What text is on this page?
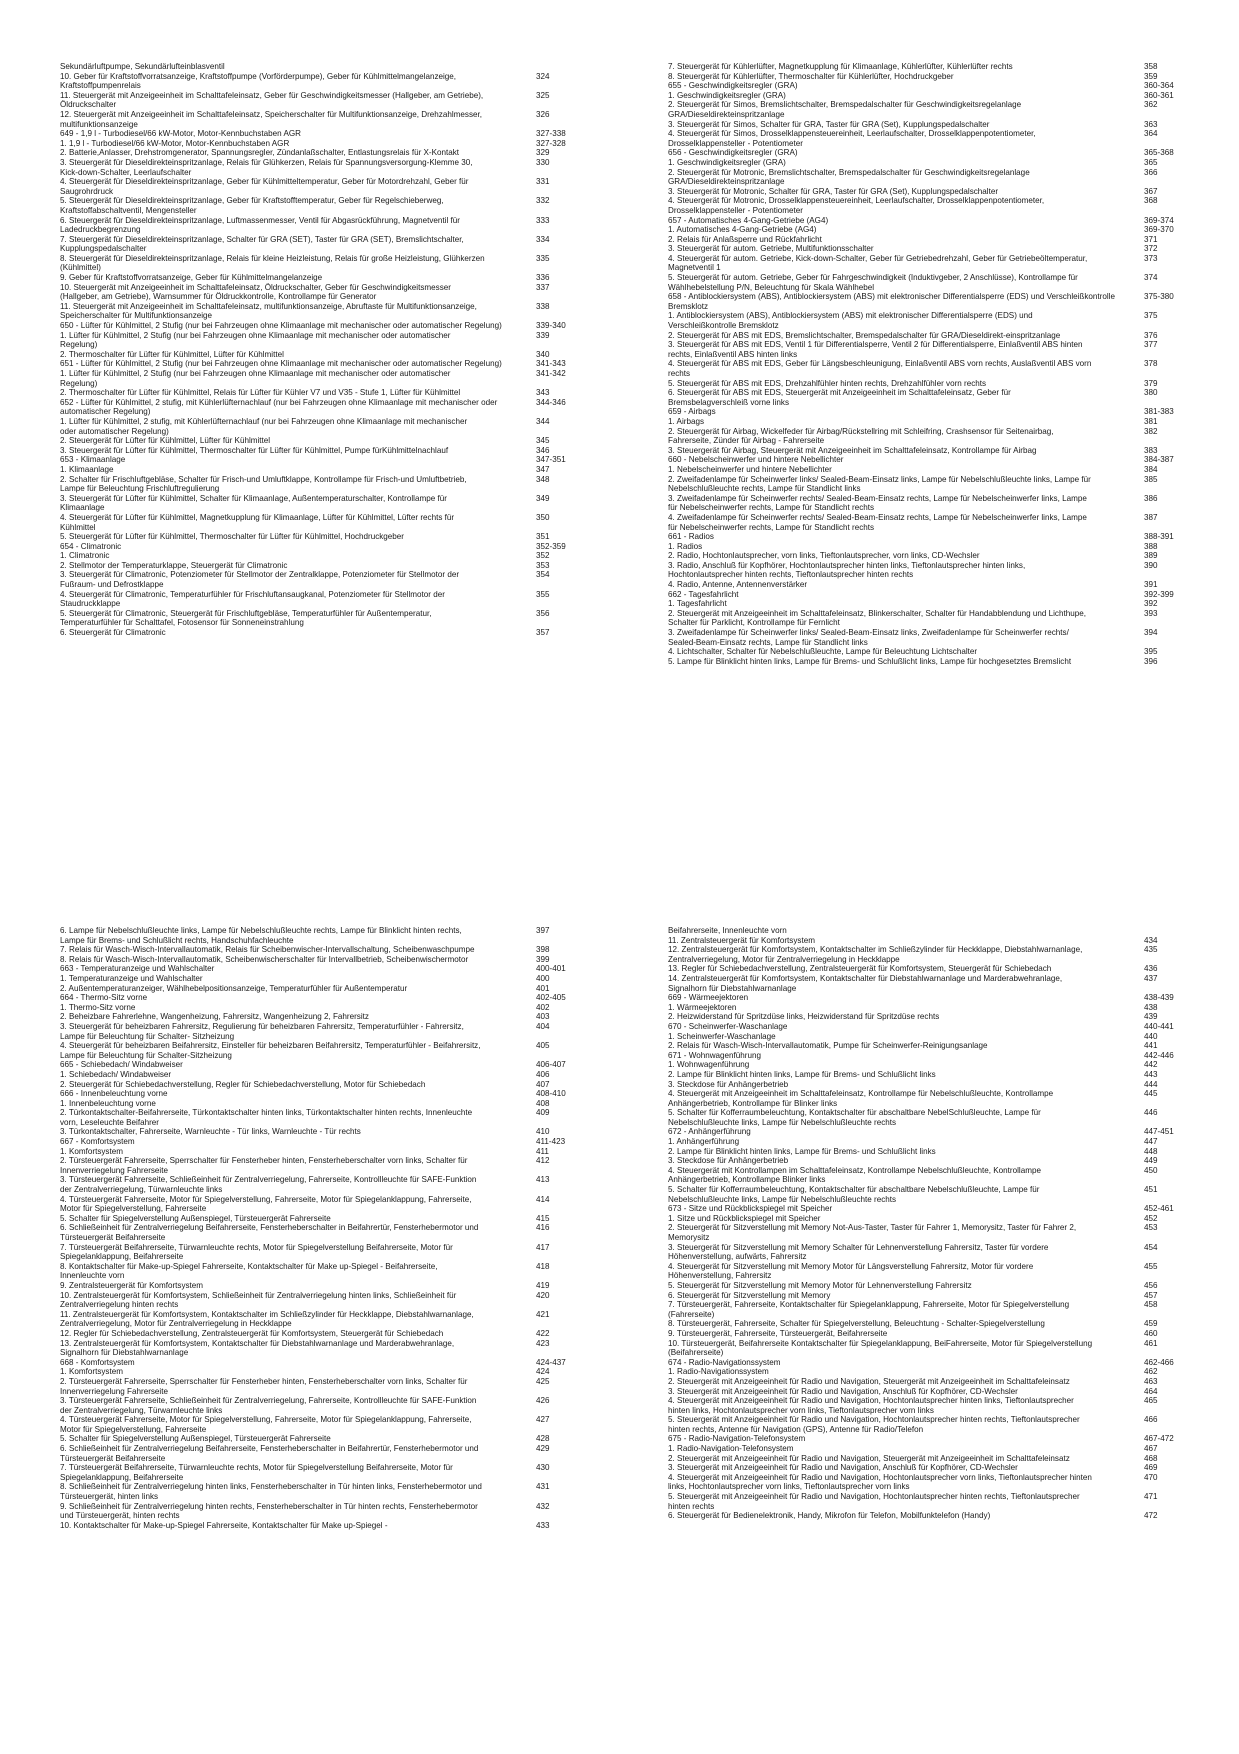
Sekundärluftpumpe, Sekundärlufteinblasventil
10. Geber für Kraftstoffvorratsanzeige, Kraftstoffpumpe (Vorförderpumpe), Geber für Kühlmittelmangelanzeige, Kraftstoffpumpenrelais
324
11. Steuergerät mit Anzeigeeinheit im Schalttafeleinsatz, Geber für Geschwindigkeitsmesser (Hallgeber, am Getriebe), Öldruckschalter
325
12. Steuergerät mit Anzeigeeinheit im Schalttafeleinsatz, Speicherschalter für Multifunktionsanzeige, Drehzahlmesser, multifunktionsanzeige
326
649 - 1,9 l - Turbodiesel/66 kW-Motor, Motor-Kennbuchstaben AGR	327-338
1. 1,9 l - Turbodiesel/66 kW-Motor, Motor-Kennbuchstaben AGR	327-328
2. Batterie,Anlasser, Drehstromgenerator, Spannungsregler, Zündanlaßschalter, Entlastungsrelais für X-Kontakt	329
3. Steuergerät für Dieseldirekteinspritzanlage, Relais für Glühkerzen, Relais für Spannungsversorgung-Klemme 30, Kick-down-Schalter, Leerlaufschalter
330
4. Steuergerät für Dieseldirekteinspritzanlage, Geber für Kühlmitteltemperatur, Geber für Motordrehzahl, Geber für Saugrohrdruck
331
5. Steuergerät für Dieseldirekteinspritzanlage, Geber für Kraftstofftemperatur, Geber für Regelschieberweg, Kraftstoffabschaltventil, Mengensteller
332
6. Steuergerät für Dieseldirekteinspritzanlage, Luftmassenmesser, Ventil für Abgasrückführung, Magnetventil für Ladedruckbegrenzung
333
7. Steuergerät für Dieseldirekteinspritzanlage, Schalter für GRA (SET), Taster für GRA (SET), Bremslichtschalter, Kupplungspedalschalter
334
8. Steuergerät für Dieseldirekteinspritzanlage, Relais für kleine Heizleistung, Relais für große Heizleistung, Glühkerzen (Kühlmittel)
335
9. Geber für Kraftstoffvorratsanzeige, Geber für Kühlmittelmangelanzeige	336
10. Steuergerät mit Anzeigeeinheit im Schalttafeleinsatz, Öldruckschalter, Geber für Geschwindigkeitsmesser (Hallgeber, am Getriebe), Warnsummer für Öldruckkontrolle, Kontrollampe für Generator
337
11. Steuergerät mit Anzeigeeinheit im Schalttafeleinsatz, multifunktionsanzeige, Abruftaste für Multifunktionsanzeige, Speicherschalter für Multifunktionsanzeige
338
650 - Lüfter für Kühlmittel, 2 Stufig (nur bei Fahrzeugen ohne Klimaanlage mit mechanischer oder automatischer Regelung)	339-340
1. Lüfter für Kühlmittel, 2 Stufig (nur bei Fahrzeugen ohne Klimaanlage mit mechanischer oder automatischer Regelung)
339
2. Thermoschalter für Lüfter für Kühlmittel, Lüfter für Kühlmittel	340
651 - Lüfter für Kühlmittel, 2 Stufig (nur bei Fahrzeugen ohne Klimaanlage mit mechanischer oder automatischer Regelung)	341-343
1. Lüfter für Kühlmittel, 2 Stufig (nur bei Fahrzeugen ohne Klimaanlage mit mechanischer oder automatischer Regelung)
341-342
2. Thermoschalter für Lüfter für Kühlmittel, Relais für Lüfter für Kühler V7 und V35 - Stufe 1, Lüfter für Kühlmittel	343
652 - Lüfter für Kühlmittel, 2 stufig, mit Kühlerlüfternachlauf (nur bei Fahrzeugen ohne Klimaanlage mit mechanischer oder automatischer Regelung)
344-346
1. Lüfter für Kühlmittel, 2 stufig, mit Kühlerlüfternachlauf (nur bei Fahrzeugen ohne Klimaanlage mit mechanischer oder automatischer Regelung)
344
2. Steuergerät für Lüfter für Kühlmittel, Lüfter für Kühlmittel	345
3. Steuergerät für Lüfter für Kühlmittel, Thermoschalter für Lüfter für Kühlmittel, Pumpe fürKühlmittelnachlauf	346
653 - Klimaanlage	347-351
1. Klimaanlage	347
2. Schalter für Frischluftgebläse, Schalter für Frisch-und Umluftklappe, Kontrollampe für Frisch-und Umluftbetrieb, Lampe für Beleuchtung Frischluftregulierung
348
3. Steuergerät für Lüfter für Kühlmittel, Schalter für Klimaanlage, Außentemperaturschalter, Kontrollampe für Klimaanlage
349
4. Steuergerät für Lüfter für Kühlmittel, Magnetkupplung für Klimaanlage, Lüfter für Kühlmittel, Lüfter rechts für Kühlmittel
350
5. Steuergerät für Lüfter für Kühlmittel, Thermoschalter für Lüfter für Kühlmittel, Hochdruckgeber	351
654 - Climatronic	352-359
1. Climatronic	352
2. Stellmotor der Temperaturklappe, Steuergerät für Climatronic	353
3. Steuergerät für Climatronic, Potenziometer für Stellmotor der Zentralklappe, Potenziometer für Stellmotor der Fußraum- und Defrostklappe
354
4. Steuergerät für Climatronic, Temperaturfühler für Frischluftansaugkanal, Potenziometer für Stellmotor der Staudruckklappe
355
5. Steuergerät für Climatronic, Steuergerät für Frischluftgebläse, Temperaturfühler für Außentemperatur, Temperaturfühler für Schalttafel, Fotosensor für Sonneneinstrahlung
356
6. Steuergerät für Climatronic	357
7. Steuergerät für Kühlerlüfter, Magnetkupplung für Klimaanlage, Kühlerlüfter, Kühlerlüfter rechts	358
8. Steuergerät für Kühlerlüfter, Thermoschalter für Kühlerlüfter, Hochdruckgeber	359
655 - Geschwindigkeitsregler (GRA)	360-364
1. Geschwindigkeitsregler (GRA)	360-361
2. Steuergerät für Simos, Bremslichtschalter, Bremspedalschalter für Geschwindigkeitsregelanlage GRA/Dieseldirekteinspritzanlage
362
3. Steuergerät für Simos, Schalter für GRA, Taster für GRA (Set), Kupplungspedalschalter	363
4. Steuergerät für Simos, Drosselklappensteuereinheit, Leerlaufschalter, Drosselklappenpotentiometer, Drosselklappensteller - Potentiometer
364
656 - Geschwindigkeitsregler (GRA)	365-368
1. Geschwindigkeitsregler (GRA)	365
2. Steuergerät für Motronic, Bremslichtschalter, Bremspedalschalter für Geschwindigkeitsregelanlage GRA/Dieseldirekteinspritzanlage
366
3. Steuergerät für Motronic, Schalter für GRA, Taster für GRA (Set), Kupplungspedalschalter	367
4. Steuergerät für Motronic, Drosselklappensteuereinheit, Leerlaufschalter, Drosselklappenpotentiometer, Drosselklappensteller - Potentiometer
368
657 - Automatisches 4-Gang-Getriebe (AG4)	369-374
1. Automatisches 4-Gang-Getriebe (AG4)	369-370
2. Relais für Anlaßsperre und Rückfahrlicht	371
3. Steuergerät für autom. Getriebe, Multifunktionsschalter	372
4. Steuergerät für autom. Getriebe, Kick-down-Schalter, Geber für Getriebedrehzahl, Geber für Getriebeöltemperatur, Magnetventil 1
373
5. Steuergerät für autom. Getriebe, Geber für Fahrgeschwindigkeit (Induktivgeber, 2 Anschlüsse), Kontrollampe für Wählhebelstellung P/N, Beleuchtung für Skala Wählhebel
374
658 - Antiblockiersystem (ABS), Antiblockiersystem (ABS) mit elektronischer Differentialsperre (EDS) und Verschleißkontrolle Bremsklotz
375-380
1. Antiblockiersystem (ABS), Antiblockiersystem (ABS) mit elektronischer Differentialsperre (EDS) und Verschleißkontrolle Bremsklotz
375
2. Steuergerät für ABS mit EDS, Bremslichtschalter, Bremspedalschalter für GRA/Dieseldirekt-einspritzanlage	376
3. Steuergerät für ABS mit EDS, Ventil 1 für Differentialsperre, Ventil 2 für Differentialsperre, Einlaßventil ABS hinten rechts, Einlaßventil ABS hinten links
377
4. Steuergerät für ABS mit EDS, Geber für Längsbeschleunigung, Einlaßventil ABS vorn rechts, Auslaßventil ABS vorn rechts
378
5. Steuergerät für ABS mit EDS, Drehzahlfühler hinten rechts, Drehzahlfühler vorn rechts	379
6. Steuergerät für ABS mit EDS, Steuergerät mit Anzeigeeinheit im Schalttafeleinsatz, Geber für Bremsbelagverschleiß vorne links
380
659 - Airbags	381-383
1. Airbags	381
2. Steuergerät für Airbag, Wickelfeder für Airbag/Rückstellring mit Schleifring, Crashsensor für Seitenairbag, Fahrerseite, Zünder für Airbag - Fahrerseite
382
3. Steuergerät für Airbag, Steuergerät mit Anzeigeeinheit im Schalttafeleinsatz, Kontrollampe für Airbag	383
660 - Nebelscheinwerfer und hintere Nebellichter	384-387
1. Nebelscheinwerfer und hintere Nebellichter	384
2. Zweifadenlampe für Scheinwerfer links/ Sealed-Beam-Einsatz links, Lampe für Nebelschlußleuchte links, Lampe für Nebelschlußleuchte rechts, Lampe für Standlicht links
385
3. Zweifadenlampe für Scheinwerfer rechts/ Sealed-Beam-Einsatz rechts, Lampe für Nebelscheinwerfer links, Lampe für Nebelscheinwerfer rechts, Lampe für Standlicht rechts
386
4. Zweifadenlampe für Scheinwerfer rechts/ Sealed-Beam-Einsatz rechts, Lampe für Nebelscheinwerfer links, Lampe für Nebelscheinwerfer rechts, Lampe für Standlicht rechts
387
661 - Radios	388-391
1. Radios	388
2. Radio, Hochtonlautsprecher, vorn links, Tieftonlautsprecher, vorn links, CD-Wechsler	389
3. Radio, Anschluß für Kopfhörer, Hochtonlautsprecher hinten links, Tieftonlautsprecher hinten links, Hochtonlautsprecher hinten rechts, Tieftonlautsprecher hinten rechts
390
4. Radio, Antenne, Antennenverstärker	391
662 - Tagesfahrlicht	392-399
1. Tagesfahrlicht	392
2. Steuergerät mit Anzeigeeinheit im Schalttafeleinsatz, Blinkerschalter, Schalter für Handabblendung und Lichthupe, Schalter für Parklicht, Kontrollampe für Fernlicht
393
3. Zweifadenlampe für Scheinwerfer links/ Sealed-Beam-Einsatz links, Zweifadenlampe für Scheinwerfer rechts/ Sealed-Beam-Einsatz rechts, Lampe für Standlicht links
394
4. Lichtschalter, Schalter für Nebelschlußleuchte, Lampe für Beleuchtung Lichtschalter	395
5. Lampe für Blinklicht hinten links, Lampe für Brems- und Schlußlicht links, Lampe für hochgesetztes Bremslicht	396
6. Lampe für Nebelschlußleuchte links, Lampe für Nebelschlußleuchte rechts, Lampe für Blinklicht hinten rechts, Lampe für Brems- und Schlußlicht rechts, Handschuhfachleuchte
397
7. Relais für Wasch-Wisch-Intervallautomatik, Relais für Scheibenwischer-Intervallschaltung, Scheibenwaschpumpe	398
8. Relais für Wasch-Wisch-Intervallautomatik, Scheibenwischerschalter für Intervallbetrieb, Scheibenwischermotor	399
663 - Temperaturanzeige und Wahlschalter	400-401
1. Temperaturanzeige und Wahlschalter	400
2. Außentemperaturanzeiger, Wählhebelpositionsanzeige, Temperaturfühler für Außentemperatur	401
664 - Thermo-Sitz vorne	402-405
1. Thermo-Sitz vorne	402
2. Beheizbare Fahrerlehne, Wangenheizung, Fahrersitz, Wangenheizung 2, Fahrersitz	403
3. Steuergerät für beheizbaren Fahrersitz, Regulierung für beheizbaren Fahrersitz, Temperaturfühler - Fahrersitz, Lampe für Beleuchtung für Schalter- Sitzheizung
404
4. Steuergerät für beheizbaren Beifahrersitz, Einsteller für beheizbaren Beifahrersitz, Temperaturfühler - Beifahrersitz, Lampe für Beleuchtung für Schalter-Sitzheizung
405
665 - Schiebedach/ Windabweiser	406-407
1. Schiebedach/ Windabweiser	406
2. Steuergerät für Schiebedachverstellung, Regler für Schiebedachverstellung, Motor für Schiebedach	407
666 - Innenbeleuchtung vorne	408-410
1. Innenbeleuchtung vorne	408
2. Türkontaktschalter-Beifahrerseite, Türkontaktschalter hinten links, Türkontaktschalter hinten rechts, Innenleuchte vorn, Leseleuchte Beifahrer
409
3. Türkontaktschalter, Fahrerseite, Warnleuchte - Tür links, Warnleuchte - Tür rechts	410
667 - Komfortsystem	411-423
1. Komfortsystem	411
2. Türsteuergerät Fahrerseite, Sperrschalter für Fensterheber hinten, Fensterheberschalter vorn links, Schalter für Innenverriegelung Fahrerseite
412
3. Türsteuergerät Fahrerseite, Schließeinheit für Zentralverriegelung, Fahrerseite, Kontrollleuchte für SAFE-Funktion der Zentralverriegelung, Türwarnleuchte links
413
4. Türsteuergerät Fahrerseite, Motor für Spiegelverstellung, Fahrerseite, Motor für Spiegelanklappung, Fahrerseite, Motor für Spiegelverstellung, Fahrerseite
414
5. Schalter für Spiegelverstellung Außenspiegel, Türsteuergerät Fahrerseite	415
6. Schließeinheit für Zentralverriegelung Beifahrerseite, Fensterheberschalter in Beifahrertür, Fensterhebermotor und Türsteuergerät Beifahrerseite
416
7. Türsteuergerät Beifahrerseite, Türwarnleuchte rechts, Motor für Spiegelverstellung Beifahrerseite, Motor für Spiegelanklappung, Beifahrerseite
417
8. Kontaktschalter für Make-up-Spiegel Fahrerseite, Kontaktschalter für Make up-Spiegel - Beifahrerseite, Innenleuchte vorn
418
9. Zentralsteuergerät für Komfortsystem	419
10. Zentralsteuergerät für Komfortsystem, Schließeinheit für Zentralverriegelung hinten links, Schließeinheit für Zentralverriegelung hinten rechts
420
11. Zentralsteuergerät für Komfortsystem, Kontaktschalter im Schließzylinder für Heckklappe, Diebstahlwarnanlage, Zentralverriegelung, Motor für Zentralverriegelung in Heckklappe
421
12. Regler für Schiebedachverstellung, Zentralsteuergerät für Komfortsystem, Steuergerät für Schiebedach	422
13. Zentralsteuergerät für Komfortsystem, Kontaktschalter für Diebstahlwarnanlage und Marderabwehranlage, Signalhorn für Diebstahlwarnanlage
423
668 - Komfortsystem	424-437
1. Komfortsystem	424
2. Türsteuergerät Fahrerseite, Sperrschalter für Fensterheber hinten, Fensterheberschalter vorn links, Schalter für Innenverriegelung Fahrerseite
425
3. Türsteuergerät Fahrerseite, Schließeinheit für Zentralverriegelung, Fahrerseite, Kontrollleuchte für SAFE-Funktion der Zentralverriegelung, Türwarnleuchte links
426
4. Türsteuergerät Fahrerseite, Motor für Spiegelverstellung, Fahrerseite, Motor für Spiegelanklappung, Fahrerseite, Motor für Spiegelverstellung, Fahrerseite
427
5. Schalter für Spiegelverstellung Außenspiegel, Türsteuergerät Fahrerseite	428
6. Schließeinheit für Zentralverriegelung Beifahrerseite, Fensterheberschalter in Beifahrertür, Fensterhebermotor und Türsteuergerät Beifahrerseite
429
7. Türsteuergerät Beifahrerseite, Türwarnleuchte rechts, Motor für Spiegelverstellung Beifahrerseite, Motor für Spiegelanklappung, Beifahrerseite
430
8. Schließeinheit für Zentralverriegelung hinten links, Fensterheberschalter in Tür hinten links, Fensterhebermotor und Türsteuergerät, hinten links
431
9. Schließeinheit für Zentralverriegelung hinten rechts, Fensterheberschalter in Tür hinten rechts, Fensterhebermotor und Türsteuergerät, hinten rechts
432
10. Kontaktschalter für Make-up-Spiegel Fahrerseite, Kontaktschalter für Make up-Spiegel -	433
Beifahrerseite, Innenleuchte vorn
11. Zentralsteuergerät für Komfortsystem	434
12. Zentralsteuergerät für Komfortsystem, Kontaktschalter im Schließzylinder für Heckklappe, Diebstahlwarnanlage, Zentralverriegelung, Motor für Zentralverriegelung in Heckklappe
435
13. Regler für Schiebedachverstellung, Zentralsteuergerät für Komfortsystem, Steuergerät für Schiebedach	436
14. Zentralsteuergerät für Komfortsystem, Kontaktschalter für Diebstahlwarnanlage und Marderabwehranlage, Signalhorn für Diebstahlwarnanlage
437
669 - Wärmeejektoren	438-439
1. Wärmeejektoren	438
2. Heizwiderstand für Spritzdüse links, Heizwiderstand für Spritzdüse rechts	439
670 - Scheinwerfer-Waschanlage	440-441
1. Scheinwerfer-Waschanlage	440
2. Relais für Wasch-Wisch-Intervallautomatik, Pumpe für Scheinwerfer-Reinigungsanlage	441
671 - Wohnwagenführung	442-446
1. Wohnwagenführung	442
2. Lampe für Blinklicht hinten links, Lampe für Brems- und Schlußlicht links	443
3. Steckdose für Anhängerbetrieb	444
4. Steuergerät mit Anzeigeeinheit im Schalttafeleinsatz, Kontrollampe für Nebelschlußleuchte, Kontrollampe Anhängerbetrieb, Kontrollampe für Blinker links
445
5. Schalter für Kofferraumbeleuchtung, Kontaktschalter für abschaltbare NebelSchlußleuchte, Lampe für Nebelschlußleuchte links, Lampe für Nebelschlußleuchte rechts
446
672 - Anhängerführung	447-451
1. Anhängerführung	447
2. Lampe für Blinklicht hinten links, Lampe für Brems- und Schlußlicht links	448
3. Steckdose für Anhängerbetrieb	449
4. Steuergerät mit Kontrollampen im Schalttafeleinsatz, Kontrollampe Nebelschlußleuchte, Kontrollampe Anhängerbetrieb, Kontrollampe Blinker links
450
5. Schalter für Kofferraumbeleuchtung, Kontaktschalter für abschaltbare Nebelschlußleuchte, Lampe für Nebelschlußleuchte links, Lampe für Nebelschlußleuchte rechts
451
673 - Sitze und Rückblickspiegel mit Speicher	452-461
1. Sitze und Rückblickspiegel mit Speicher	452
2. Steuergerät für Sitzverstellung mit Memory Not-Aus-Taster, Taster für Fahrer 1, Memorysitz, Taster für Fahrer 2, Memorysitz
453
3. Steuergerät für Sitzverstellung mit Memory Schalter für Lehnenverstellung Fahrersitz, Taster für vordere Höhenverstellung, aufwärts, Fahrersitz
454
4. Steuergerät für Sitzverstellung mit Memory Motor für Längsverstellung Fahrersitz, Motor für vordere Höhenverstellung, Fahrersitz
455
5. Steuergerät für Sitzverstellung mit Memory Motor für Lehnenverstellung Fahrersitz	456
6. Steuergerät für Sitzverstellung mit Memory	457
7. Türsteuergerät, Fahrerseite, Kontaktschalter für Spiegelanklappung, Fahrerseite, Motor für Spiegelverstellung (Fahrerseite)
458
8. Türsteuergerät, Fahrerseite, Schalter für Spiegelverstellung, Beleuchtung - Schalter-Spiegelverstellung	459
9. Türsteuergerät, Fahrerseite, Türsteuergerät, Beifahrerseite	460
10. Türsteuergerät, Beifahrerseite Kontaktschalter für Spiegelanklappung, BeiFahrerseite, Motor für Spiegelverstellung (Beifahrerseite)
461
674 - Radio-Navigationssystem	462-466
1. Radio-Navigationssystem	462
2. Steuergerät mit Anzeigeeinheit für Radio und Navigation, Steuergerät mit Anzeigeeinheit im Schalttafeleinsatz	463
3. Steuergerät mit Anzeigeeinheit für Radio und Navigation, Anschluß für Kopfhörer, CD-Wechsler	464
4. Steuergerät mit Anzeigeeinheit für Radio und Navigation, Hochtonlautsprecher hinten links, Tieftonlautsprecher hinten links, Hochtonlautsprecher vorn links, Tieftonlautsprecher vorn links
465
5. Steuergerät mit Anzeigeeinheit für Radio und Navigation, Hochtonlautsprecher hinten rechts, Tieftonlautsprecher hinten rechts, Antenne für Navigation (GPS), Antenne für Radio/Telefon
466
675 - Radio-Navigation-Telefonsystem	467-472
1. Radio-Navigation-Telefonsystem	467
2. Steuergerät mit Anzeigeeinheit für Radio und Navigation, Steuergerät mit Anzeigeeinheit im Schalttafeleinsatz	468
3. Steuergerät mit Anzeigeeinheit für Radio und Navigation, Anschluß für Kopfhörer, CD-Wechsler	469
4. Steuergerät mit Anzeigeeinheit für Radio und Navigation, Hochtonlautsprecher vorn links, Tieftonlautsprecher hinten links, Hochtonlautsprecher vorn links, Tieftonlautsprecher vorn links
470
5. Steuergerät mit Anzeigeeinheit für Radio und Navigation, Hochtonlautsprecher hinten rechts, Tieftonlautsprecher hinten rechts
471
6. Steuergerät für Bedienelektronik, Handy, Mikrofon für Telefon, Mobilfunktelefon (Handy)	472
